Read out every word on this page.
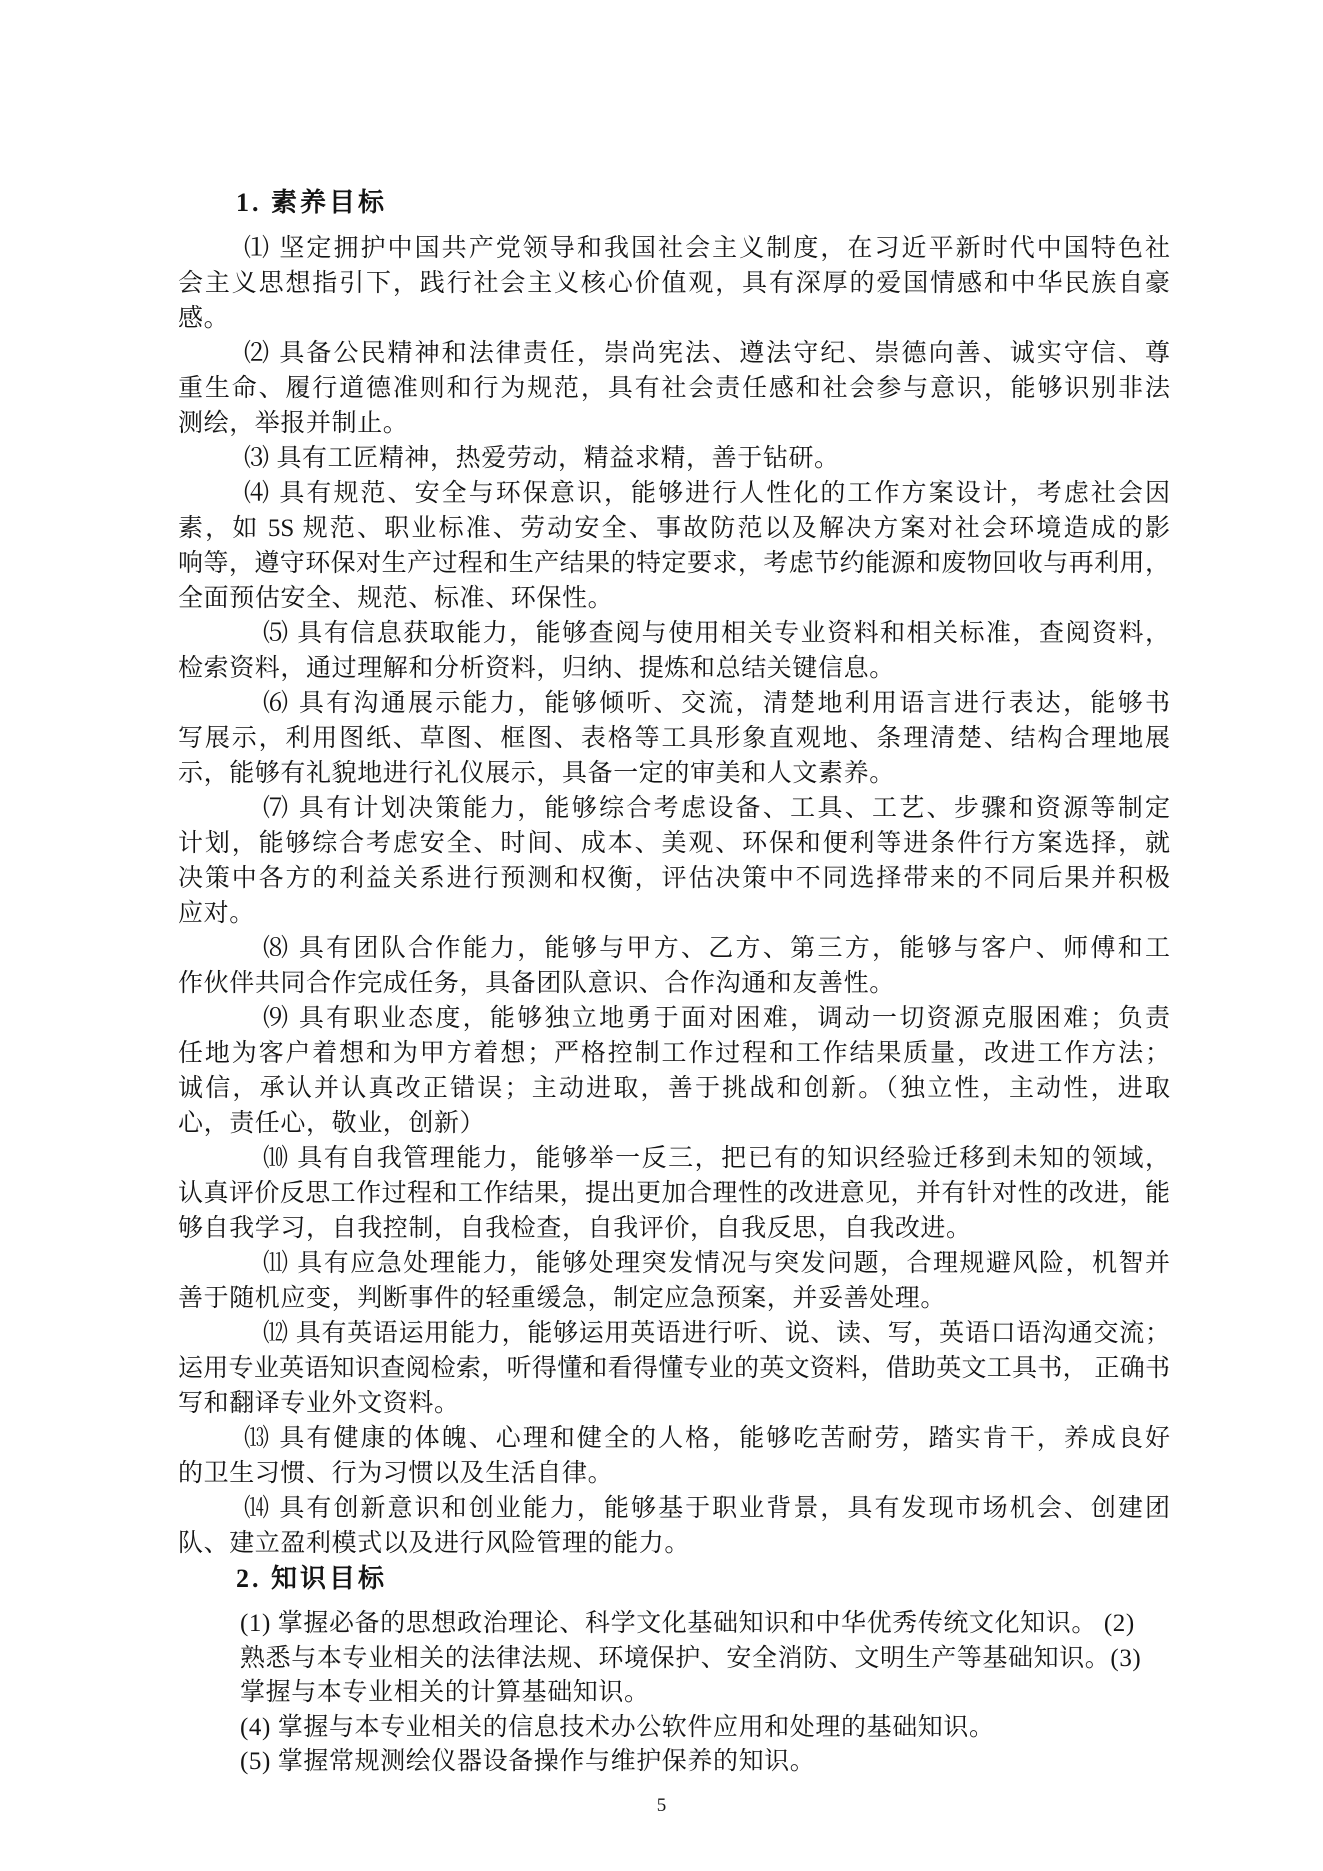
1. 素养目标
⑴ 坚定拥护中国共产党领导和我国社会主义制度，在习近平新时代中国特色社
会主义思想指引下，践行社会主义核心价值观，具有深厚的爱国情感和中华民族自豪
感。
⑵ 具备公民精神和法律责任，崇尚宪法、遵法守纪、崇德向善、诚实守信、尊
重生命、履行道德准则和行为规范，具有社会责任感和社会参与意识，能够识别非法
测绘，举报并制止。
⑶ 具有工匠精神，热爱劳动，精益求精，善于钻研。
⑷ 具有规范、安全与环保意识，能够进行人性化的工作方案设计，考虑社会因
素，如 5S 规范、职业标准、劳动安全、事故防范以及解决方案对社会环境造成的影
响等，遵守环保对生产过程和生产结果的特定要求，考虑节约能源和废物回收与再利用，
全面预估安全、规范、标准、环保性。
⑸ 具有信息获取能力，能够查阅与使用相关专业资料和相关标准，查阅资料，
检索资料，通过理解和分析资料，归纳、提炼和总结关键信息。
⑹ 具有沟通展示能力，能够倾听、交流，清楚地利用语言进行表达，能够书
写展示，利用图纸、草图、框图、表格等工具形象直观地、条理清楚、结构合理地展
示，能够有礼貌地进行礼仪展示，具备一定的审美和人文素养。
⑺ 具有计划决策能力，能够综合考虑设备、工具、工艺、步骤和资源等制定
计划，能够综合考虑安全、时间、成本、美观、环保和便利等进条件行方案选择，就
决策中各方的利益关系进行预测和权衡，评估决策中不同选择带来的不同后果并积极
应对。
⑻ 具有团队合作能力，能够与甲方、乙方、第三方，能够与客户、师傅和工
作伙伴共同合作完成任务，具备团队意识、合作沟通和友善性。
⑼ 具有职业态度，能够独立地勇于面对困难，调动一切资源克服困难；负责
任地为客户着想和为甲方着想；严格控制工作过程和工作结果质量，改进工作方法；
诚信，承认并认真改正错误；主动进取，善于挑战和创新。（独立性，主动性，进取
心，责任心，敬业，创新）
⑽ 具有自我管理能力，能够举一反三，把已有的知识经验迁移到未知的领域，
认真评价反思工作过程和工作结果，提出更加合理性的改进意见，并有针对性的改进，能
够自我学习，自我控制，自我检查，自我评价，自我反思，自我改进。
⑾ 具有应急处理能力，能够处理突发情况与突发问题，合理规避风险，机智并
善于随机应变，判断事件的轻重缓急，制定应急预案，并妥善处理。
⑿ 具有英语运用能力，能够运用英语进行听、说、读、写，英语口语沟通交流；
运用专业英语知识查阅检索，听得懂和看得懂专业的英文资料，借助英文工具书， 正确书
写和翻译专业外文资料。
⒀ 具有健康的体魄、心理和健全的人格，能够吃苦耐劳，踏实肯干，养成良好
的卫生习惯、行为习惯以及生活自律。
⒁ 具有创新意识和创业能力，能够基于职业背景，具有发现市场机会、创建团
队、建立盈利模式以及进行风险管理的能力。
2. 知识目标
(1) 掌握必备的思想政治理论、科学文化基础知识和中华优秀传统文化知识。 (2)
熟悉与本专业相关的法律法规、环境保护、安全消防、文明生产等基础知识。(3)
掌握与本专业相关的计算基础知识。
(4) 掌握与本专业相关的信息技术办公软件应用和处理的基础知识。
(5) 掌握常规测绘仪器设备操作与维护保养的知识。
5
